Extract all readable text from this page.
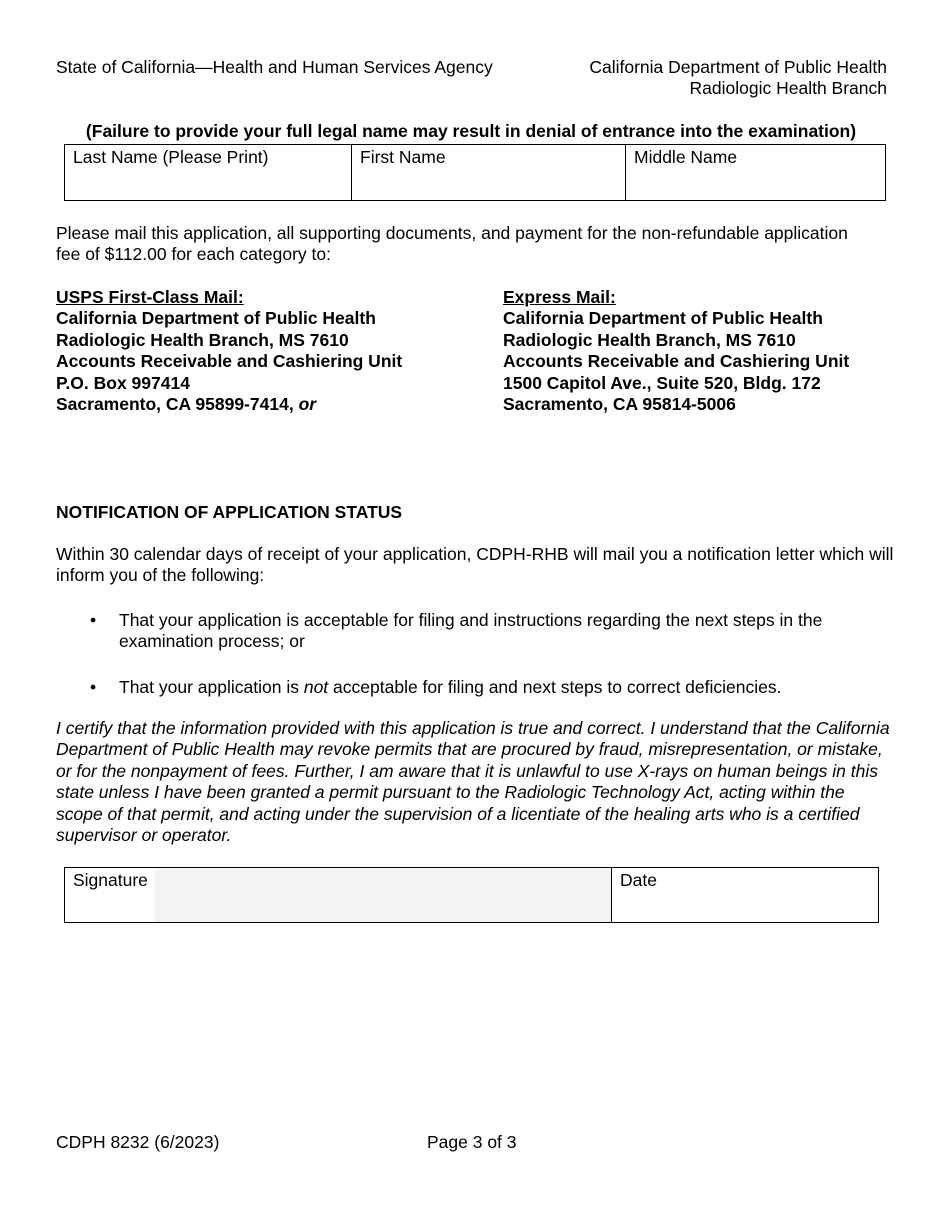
State of California—Health and Human Services Agency	California Department of Public Health
Radiologic Health Branch
(Failure to provide your full legal name may result in denial of entrance into the examination)
Last Name (Please Print)	First Name	Middle Name
Please mail this application, all supporting documents, and payment for the non-refundable application fee of $112.00 for each category to:
USPS First-Class Mail:
California Department of Public Health
Radiologic Health Branch, MS 7610
Accounts Receivable and Cashiering Unit
P.O. Box 997414
Sacramento, CA 95899-7414, or
Express Mail:
California Department of Public Health
Radiologic Health Branch, MS 7610
Accounts Receivable and Cashiering Unit
1500 Capitol Ave., Suite 520, Bldg. 172
Sacramento, CA 95814-5006
NOTIFICATION OF APPLICATION STATUS
Within 30 calendar days of receipt of your application, CDPH-RHB will mail you a notification letter which will inform you of the following:
• That your application is acceptable for filing and instructions regarding the next steps in the examination process; or
• That your application is not acceptable for filing and next steps to correct deficiencies.
I certify that the information provided with this application is true and correct. I understand that the California Department of Public Health may revoke permits that are procured by fraud, misrepresentation, or mistake, or for the nonpayment of fees. Further, I am aware that it is unlawful to use X-rays on human beings in this state unless I have been granted a permit pursuant to the Radiologic Technology Act, acting within the scope of that permit, and acting under the supervision of a licentiate of the healing arts who is a certified supervisor or operator.
Signature	Date
CDPH 8232 (6/2023)	Page 3 of 3
